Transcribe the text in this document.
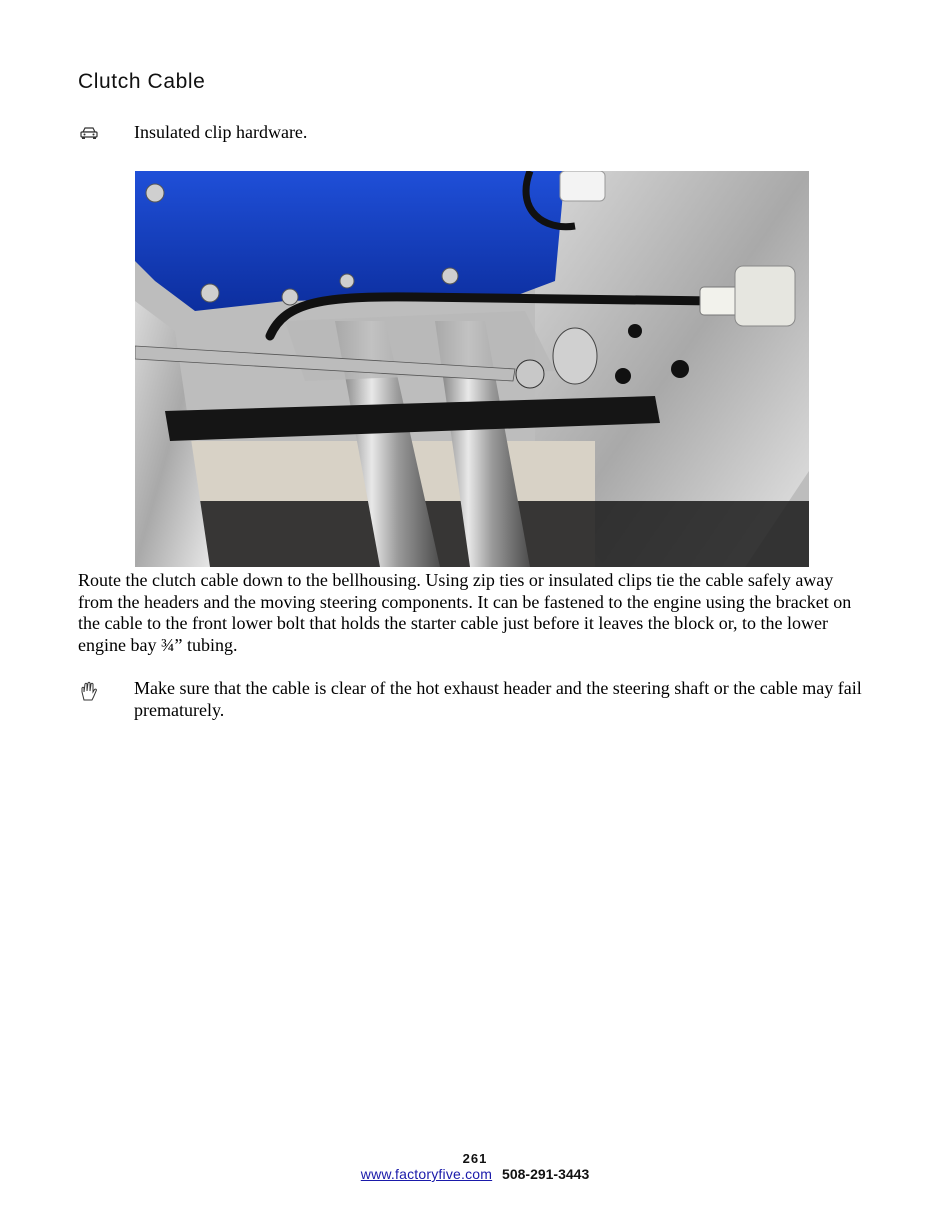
Clutch Cable
Insulated clip hardware.

Route the clutch cable down to the bellhousing. Using zip ties or insulated clips tie the cable safely away from the headers and the moving steering components. It can be fastened to the engine using the bracket on the cable to the front lower bolt that holds the starter cable just before it leaves the block or, to the lower engine bay ¾” tubing.

Make sure that the cable is clear of the hot exhaust header and the steering shaft or the cable may fail prematurely.
261
www.factoryfive.com 508-291-3443
